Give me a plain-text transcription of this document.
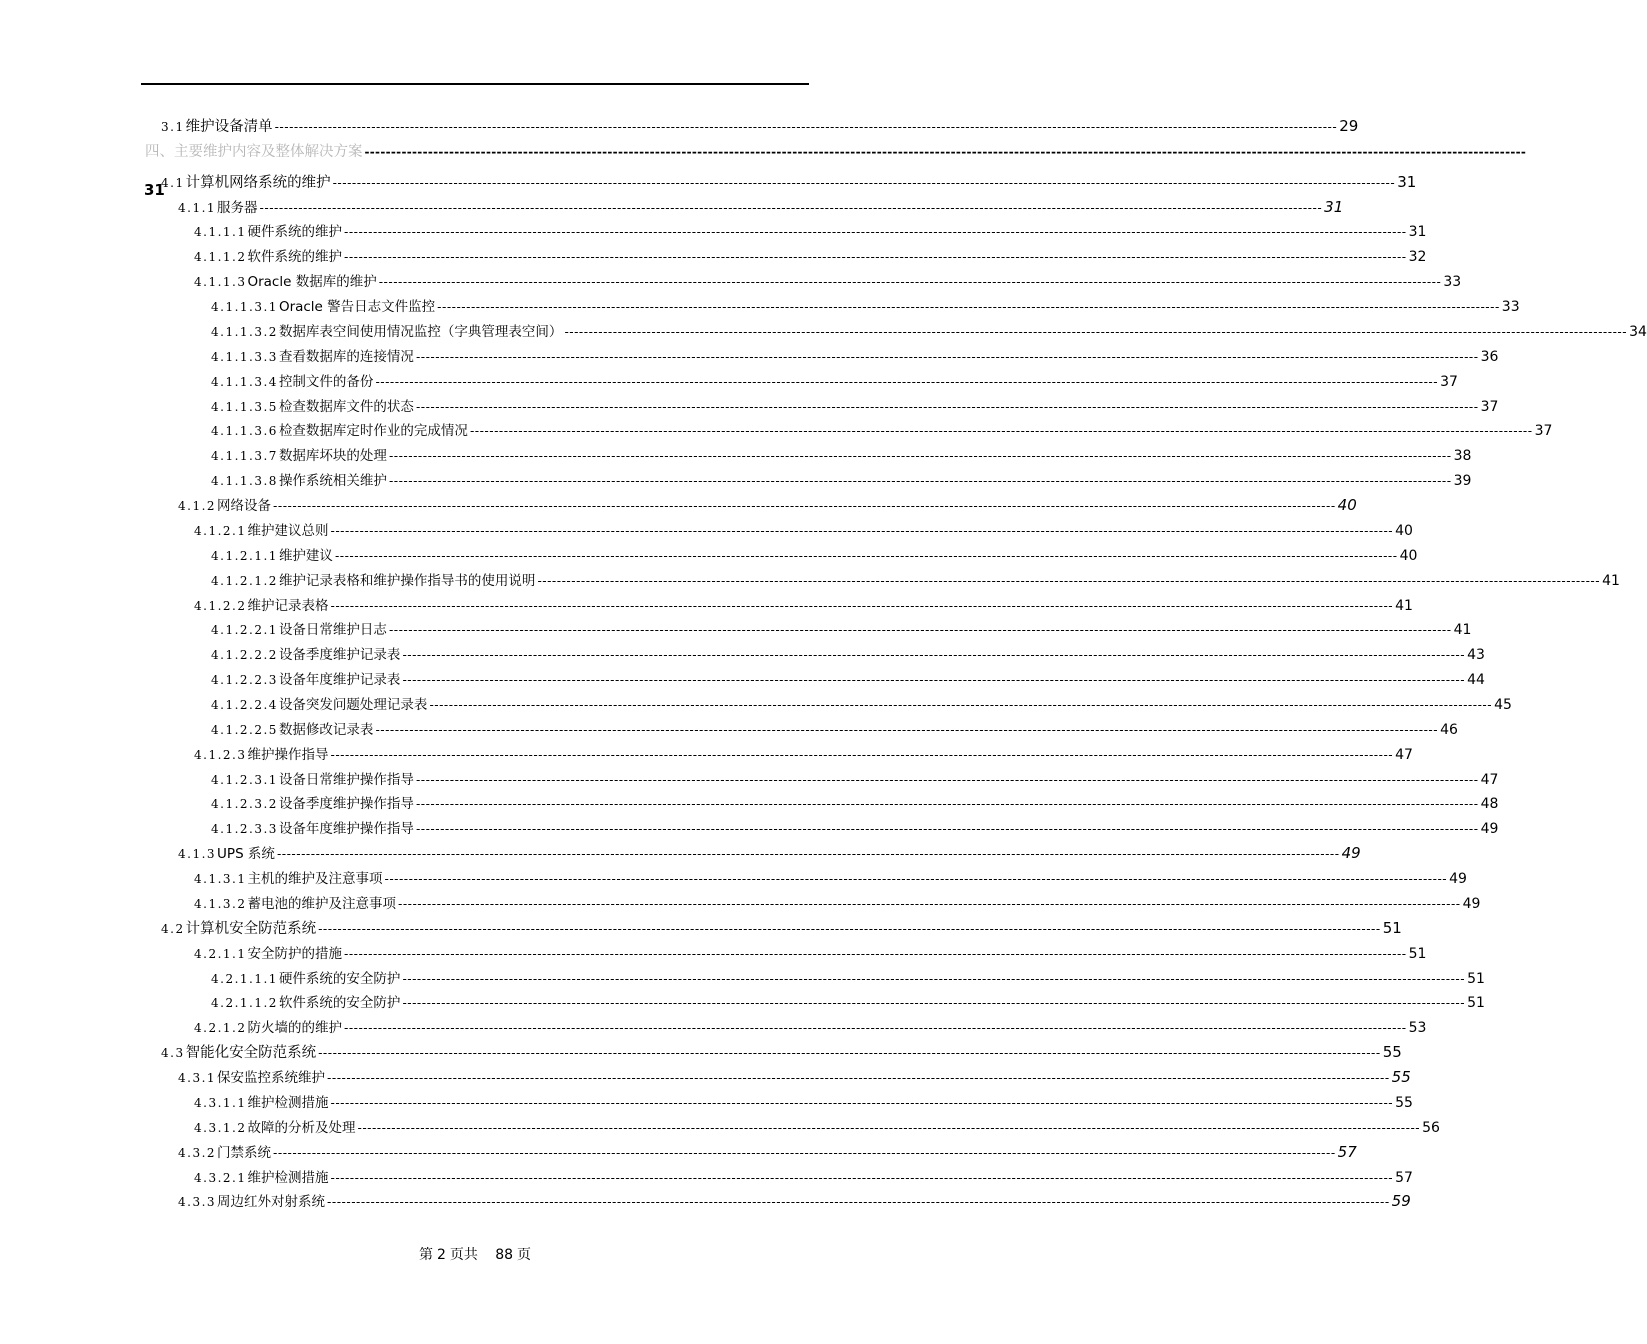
3.1 维护设备清单 ---------------------------------------------------------------------------------------------------------------------------------------------------------------------------------------------------------------------------- 29
四、主要维护内容及整体解决方案 ----------------------------------------------------------------------------------------------------------------------------------------------------------------------------------------------------------------------------
4.1 计算机网络系统的维护 ---------------------------------------------------------------------------------------------------------------------------------------------------------------------------------------------------------------------------- 31
4.1.1 服务器 ---------------------------------------------------------------------------------------------------------------------------------------------------------------------------------------------------------------------------- 31
4.1.1.1 硬件系统的维护 ---------------------------------------------------------------------------------------------------------------------------------------------------------------------------------------------------------------------------- 31
4.1.1.2 软件系统的维护 ---------------------------------------------------------------------------------------------------------------------------------------------------------------------------------------------------------------------------- 32
4.1.1.3 Oracle 数据库的维护 ---------------------------------------------------------------------------------------------------------------------------------------------------------------------------------------------------------------------------- 33
4.1.1.3.1 Oracle 警告日志文件监控 ---------------------------------------------------------------------------------------------------------------------------------------------------------------------------------------------------------------------------- 33
4.1.1.3.2 数据库表空间使用情况监控（字典管理表空间） ---------------------------------------------------------------------------------------------------------------------------------------------------------------------------------------------------------------------------- 34
4.1.1.3.3 查看数据库的连接情况 ---------------------------------------------------------------------------------------------------------------------------------------------------------------------------------------------------------------------------- 36
4.1.1.3.4 控制文件的备份 ---------------------------------------------------------------------------------------------------------------------------------------------------------------------------------------------------------------------------- 37
4.1.1.3.5 检查数据库文件的状态 ---------------------------------------------------------------------------------------------------------------------------------------------------------------------------------------------------------------------------- 37
4.1.1.3.6 检查数据库定时作业的完成情况 ---------------------------------------------------------------------------------------------------------------------------------------------------------------------------------------------------------------------------- 37
4.1.1.3.7 数据库坏块的处理 ---------------------------------------------------------------------------------------------------------------------------------------------------------------------------------------------------------------------------- 38
4.1.1.3.8 操作系统相关维护 ---------------------------------------------------------------------------------------------------------------------------------------------------------------------------------------------------------------------------- 39
4.1.2 网络设备 ---------------------------------------------------------------------------------------------------------------------------------------------------------------------------------------------------------------------------- 40
4.1.2.1 维护建议总则 ---------------------------------------------------------------------------------------------------------------------------------------------------------------------------------------------------------------------------- 40
4.1.2.1.1 维护建议 ---------------------------------------------------------------------------------------------------------------------------------------------------------------------------------------------------------------------------- 40
4.1.2.1.2 维护记录表格和维护操作指导书的使用说明 ---------------------------------------------------------------------------------------------------------------------------------------------------------------------------------------------------------------------------- 41
4.1.2.2 维护记录表格 ---------------------------------------------------------------------------------------------------------------------------------------------------------------------------------------------------------------------------- 41
4.1.2.2.1 设备日常维护日志 ---------------------------------------------------------------------------------------------------------------------------------------------------------------------------------------------------------------------------- 41
4.1.2.2.2 设备季度维护记录表 ---------------------------------------------------------------------------------------------------------------------------------------------------------------------------------------------------------------------------- 43
4.1.2.2.3 设备年度维护记录表 ---------------------------------------------------------------------------------------------------------------------------------------------------------------------------------------------------------------------------- 44
4.1.2.2.4 设备突发问题处理记录表 ---------------------------------------------------------------------------------------------------------------------------------------------------------------------------------------------------------------------------- 45
4.1.2.2.5 数据修改记录表 ---------------------------------------------------------------------------------------------------------------------------------------------------------------------------------------------------------------------------- 46
4.1.2.3 维护操作指导 ---------------------------------------------------------------------------------------------------------------------------------------------------------------------------------------------------------------------------- 47
4.1.2.3.1 设备日常维护操作指导 ---------------------------------------------------------------------------------------------------------------------------------------------------------------------------------------------------------------------------- 47
4.1.2.3.2 设备季度维护操作指导 ---------------------------------------------------------------------------------------------------------------------------------------------------------------------------------------------------------------------------- 48
4.1.2.3.3 设备年度维护操作指导 ---------------------------------------------------------------------------------------------------------------------------------------------------------------------------------------------------------------------------- 49
4.1.3 UPS 系统 ---------------------------------------------------------------------------------------------------------------------------------------------------------------------------------------------------------------------------- 49
4.1.3.1 主机的维护及注意事项 ---------------------------------------------------------------------------------------------------------------------------------------------------------------------------------------------------------------------------- 49
4.1.3.2 蓄电池的维护及注意事项 ---------------------------------------------------------------------------------------------------------------------------------------------------------------------------------------------------------------------------- 49
4.2 计算机安全防范系统 ---------------------------------------------------------------------------------------------------------------------------------------------------------------------------------------------------------------------------- 51
4.2.1.1 安全防护的措施 ---------------------------------------------------------------------------------------------------------------------------------------------------------------------------------------------------------------------------- 51
4.2.1.1.1 硬件系统的安全防护 ---------------------------------------------------------------------------------------------------------------------------------------------------------------------------------------------------------------------------- 51
4.2.1.1.2 软件系统的安全防护 ---------------------------------------------------------------------------------------------------------------------------------------------------------------------------------------------------------------------------- 51
4.2.1.2 防火墙的的维护 ---------------------------------------------------------------------------------------------------------------------------------------------------------------------------------------------------------------------------- 53
4.3 智能化安全防范系统 ---------------------------------------------------------------------------------------------------------------------------------------------------------------------------------------------------------------------------- 55
4.3.1 保安监控系统维护 ---------------------------------------------------------------------------------------------------------------------------------------------------------------------------------------------------------------------------- 55
4.3.1.1 维护检测措施 ---------------------------------------------------------------------------------------------------------------------------------------------------------------------------------------------------------------------------- 55
4.3.1.2 故障的分析及处理 ---------------------------------------------------------------------------------------------------------------------------------------------------------------------------------------------------------------------------- 56
4.3.2 门禁系统 ---------------------------------------------------------------------------------------------------------------------------------------------------------------------------------------------------------------------------- 57
4.3.2.1 维护检测措施 ---------------------------------------------------------------------------------------------------------------------------------------------------------------------------------------------------------------------------- 57
4.3.3 周边红外对射系统 ---------------------------------------------------------------------------------------------------------------------------------------------------------------------------------------------------------------------------- 59
31
第 2 页共 88 页
